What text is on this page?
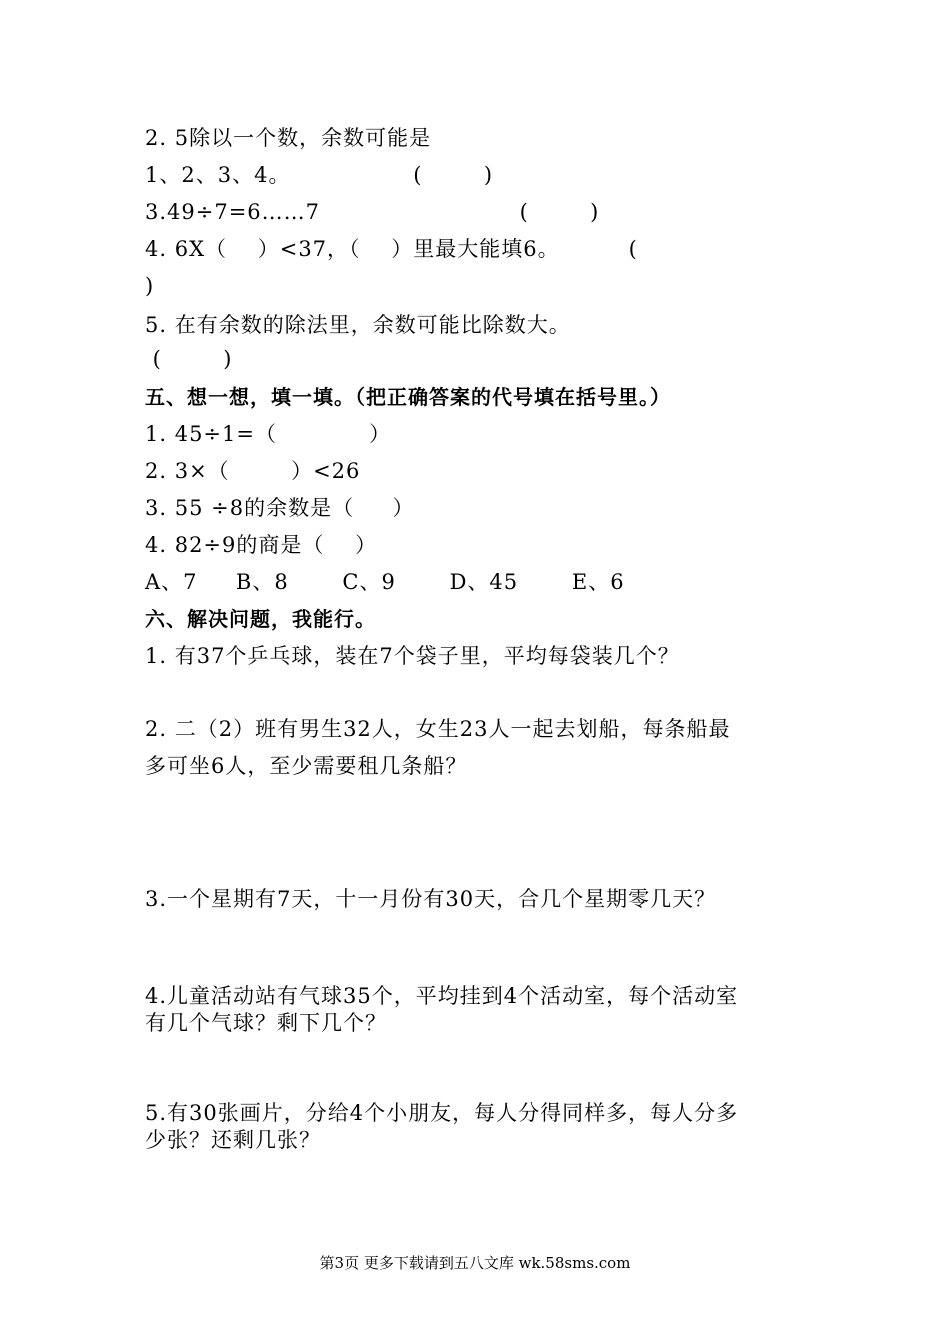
2. 5除以一个数，余数可能是
1、2、3、4。                (        )
3.49÷7=6……7                          (        )
4. 6X（    ）<37，（    ）里最大能填6。         (
)
5. 在有余数的除法里，余数可能比除数大。
(        )
五、想一想，填一填。（把正确答案的代号填在括号里。）
1. 45÷1=（            ）
2. 3×（        ）<26
3. 55 ÷8的余数是（     ）
4. 82÷9的商是（    ）
A、7     B、8       C、9       D、45       E、6
六、解决问题，我能行。
1. 有37个乒乓球，装在7个袋子里，平均每袋装几个？
2. 二（2）班有男生32人，女生23人一起去划船，每条船最
多可坐6人，至少需要租几条船？
3.一个星期有7天，十一月份有30天，合几个星期零几天？
4.儿童活动站有气球35个，平均挂到4个活动室，每个活动室
有几个气球？剩下几个？
5.有30张画片，分给4个小朋友，每人分得同样多，每人分多
少张？还剩几张？
第3页 更多下载请到五八文库 wk.58sms.com
